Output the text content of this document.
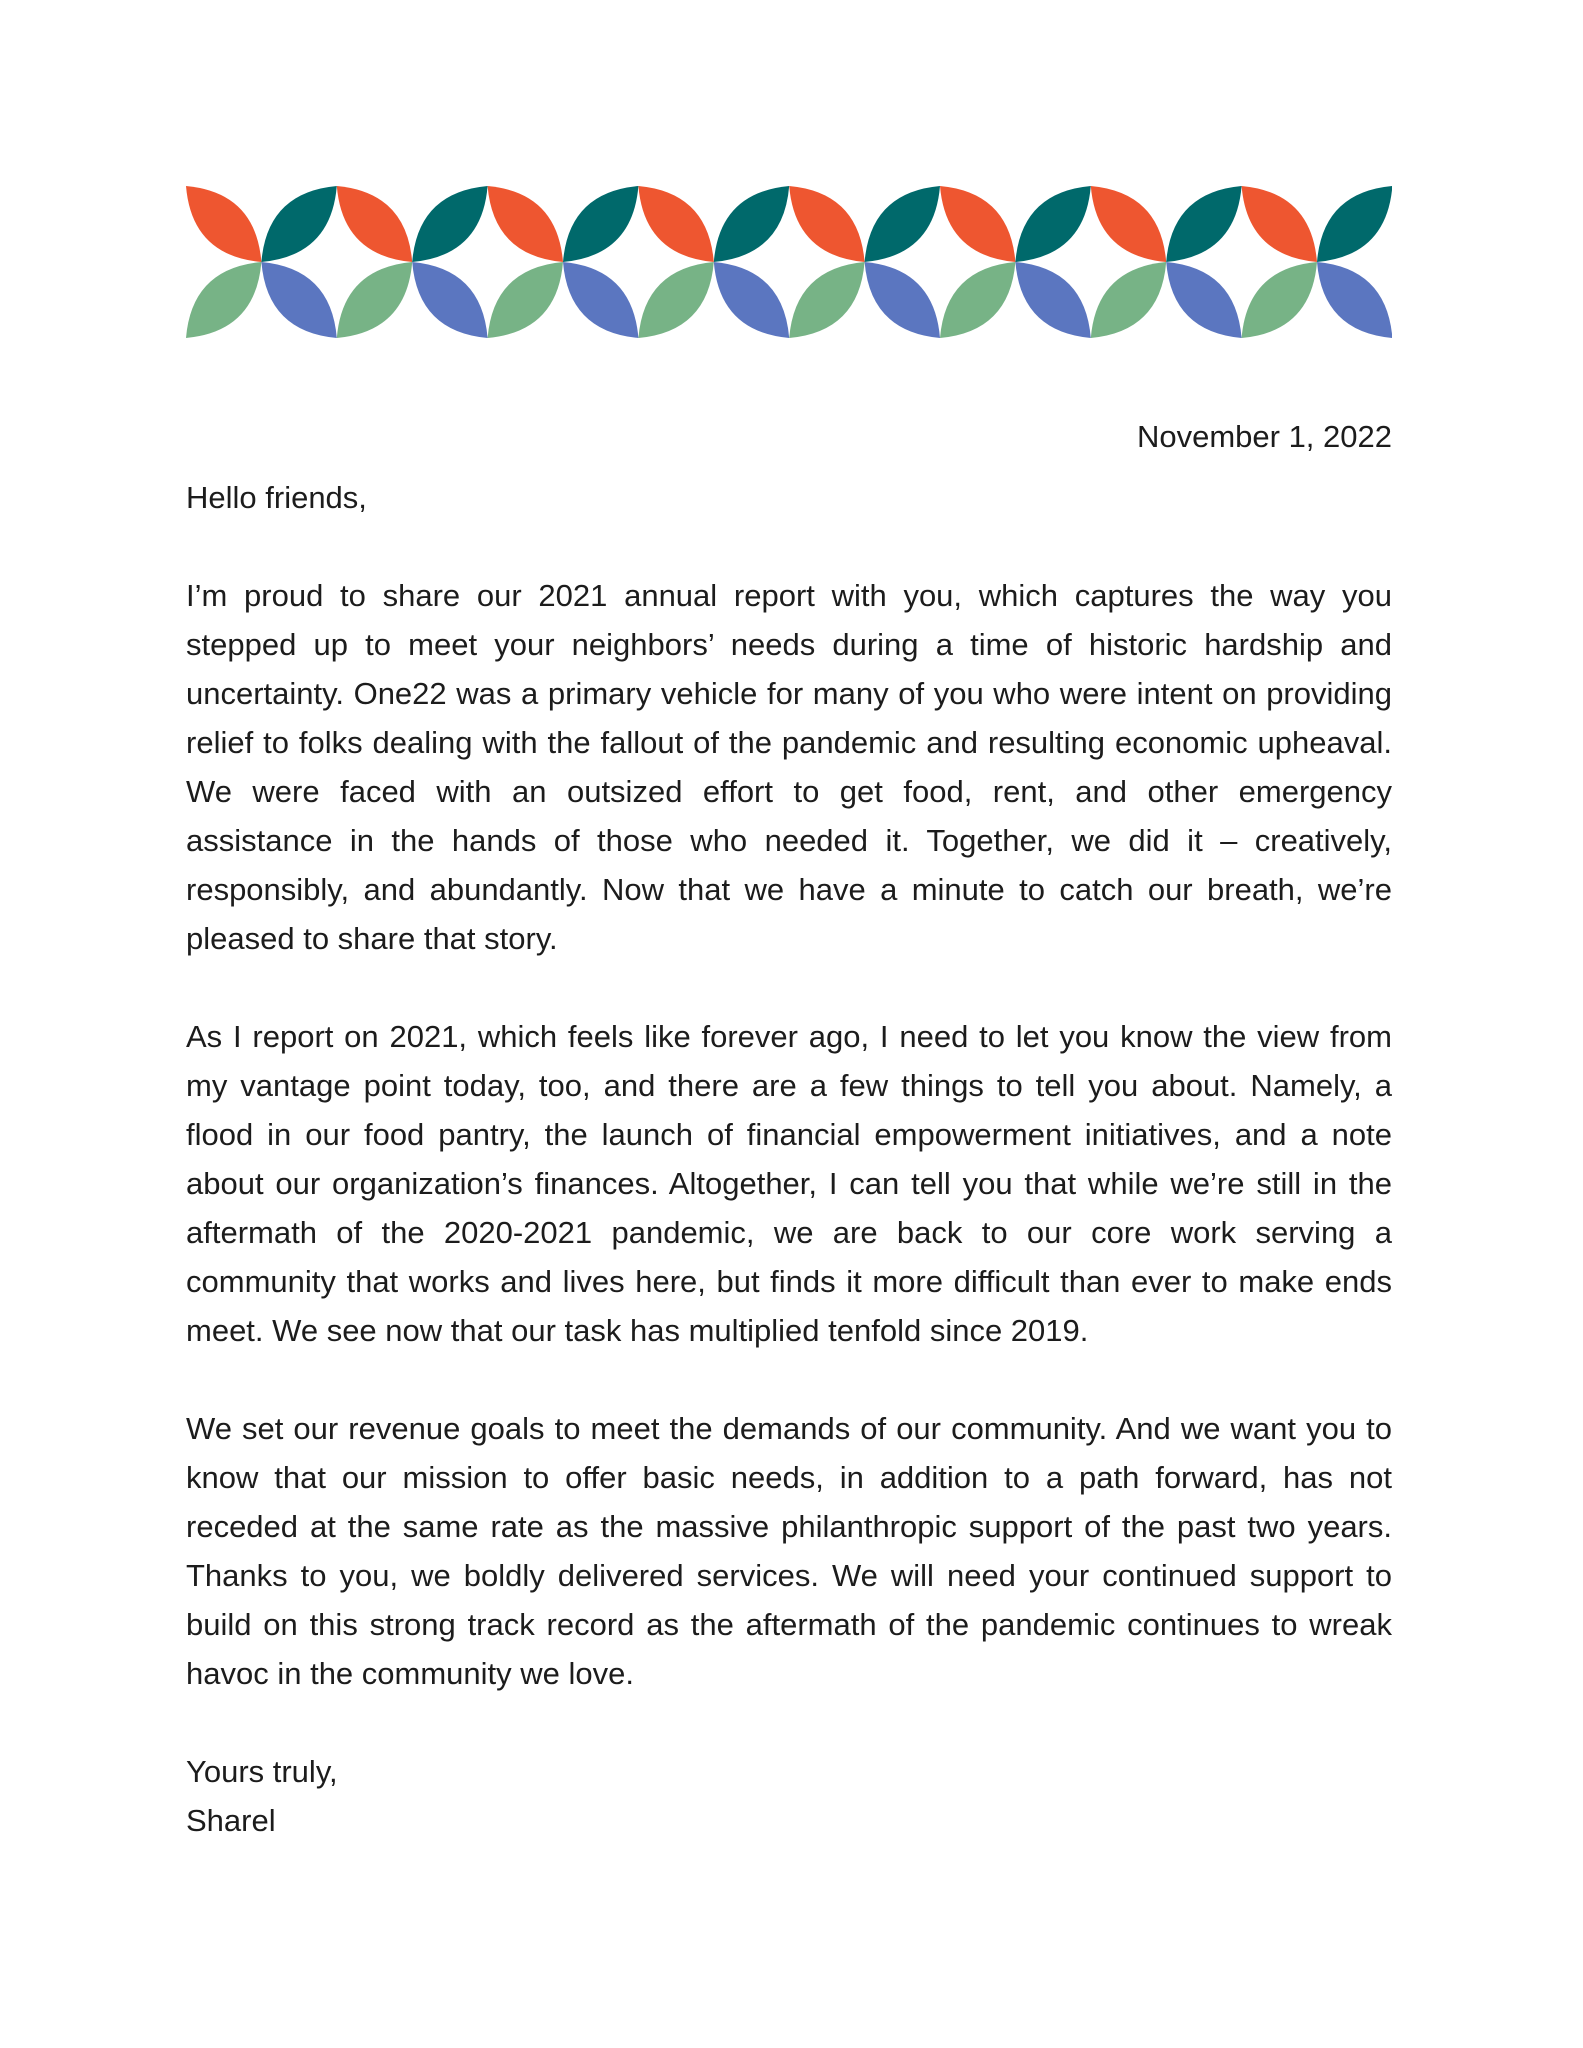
November 1, 2022

Hello friends,

I’m proud to share our 2021 annual report with you, which captures the way you stepped up to meet your neighbors’ needs during a time of historic hardship and uncertainty. One22 was a primary vehicle for many of you who were intent on providing relief to folks dealing with the fallout of the pandemic and resulting economic upheaval. We were faced with an outsized effort to get food, rent, and other emergency assistance in the hands of those who needed it. Together, we did it – creatively, responsibly, and abundantly. Now that we have a minute to catch our breath, we’re pleased to share that story.

As I report on 2021, which feels like forever ago, I need to let you know the view from my vantage point today, too, and there are a few things to tell you about. Namely, a flood in our food pantry, the launch of financial empowerment initiatives, and a note about our organization’s finances. Altogether, I can tell you that while we’re still in the aftermath of the 2020-2021 pandemic, we are back to our core work serving a community that works and lives here, but finds it more difficult than ever to make ends meet. We see now that our task has multiplied tenfold since 2019.

We set our revenue goals to meet the demands of our community. And we want you to know that our mission to offer basic needs, in addition to a path forward, has not receded at the same rate as the massive philanthropic support of the past two years. Thanks to you, we boldly delivered services. We will need your continued support to build on this strong track record as the aftermath of the pandemic continues to wreak havoc in the community we love.

Yours truly,

Sharel
